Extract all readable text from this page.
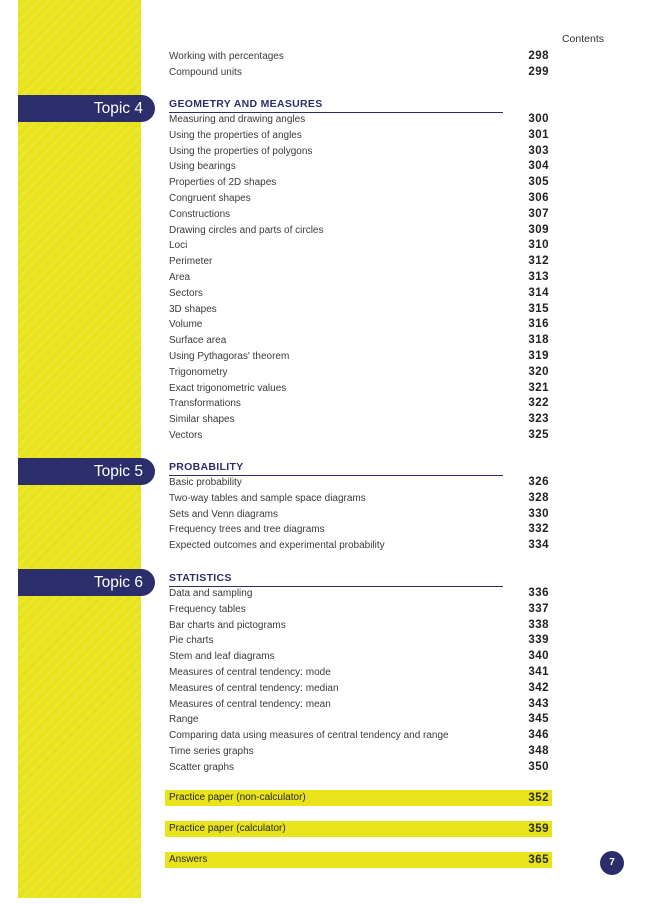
Contents
Working with percentages	298
Compound units	299
Topic 4	GEOMETRY AND MEASURES
Measuring and drawing angles	300
Using the properties of angles	301
Using the properties of polygons	303
Using bearings	304
Properties of 2D shapes	305
Congruent shapes	306
Constructions	307
Drawing circles and parts of circles	309
Loci	310
Perimeter	312
Area	313
Sectors	314
3D shapes	315
Volume	316
Surface area	318
Using Pythagoras' theorem	319
Trigonometry	320
Exact trigonometric values	321
Transformations	322
Similar shapes	323
Vectors	325
Topic 5	PROBABILITY
Basic probability	326
Two-way tables and sample space diagrams	328
Sets and Venn diagrams	330
Frequency trees and tree diagrams	332
Expected outcomes and experimental probability	334
Topic 6	STATISTICS
Data and sampling	336
Frequency tables	337
Bar charts and pictograms	338
Pie charts	339
Stem and leaf diagrams	340
Measures of central tendency: mode	341
Measures of central tendency: median	342
Measures of central tendency: mean	343
Range	345
Comparing data using measures of central tendency and range	346
Time series graphs	348
Scatter graphs	350
Practice paper (non-calculator)	352
Practice paper (calculator)	359
Answers	365	7
